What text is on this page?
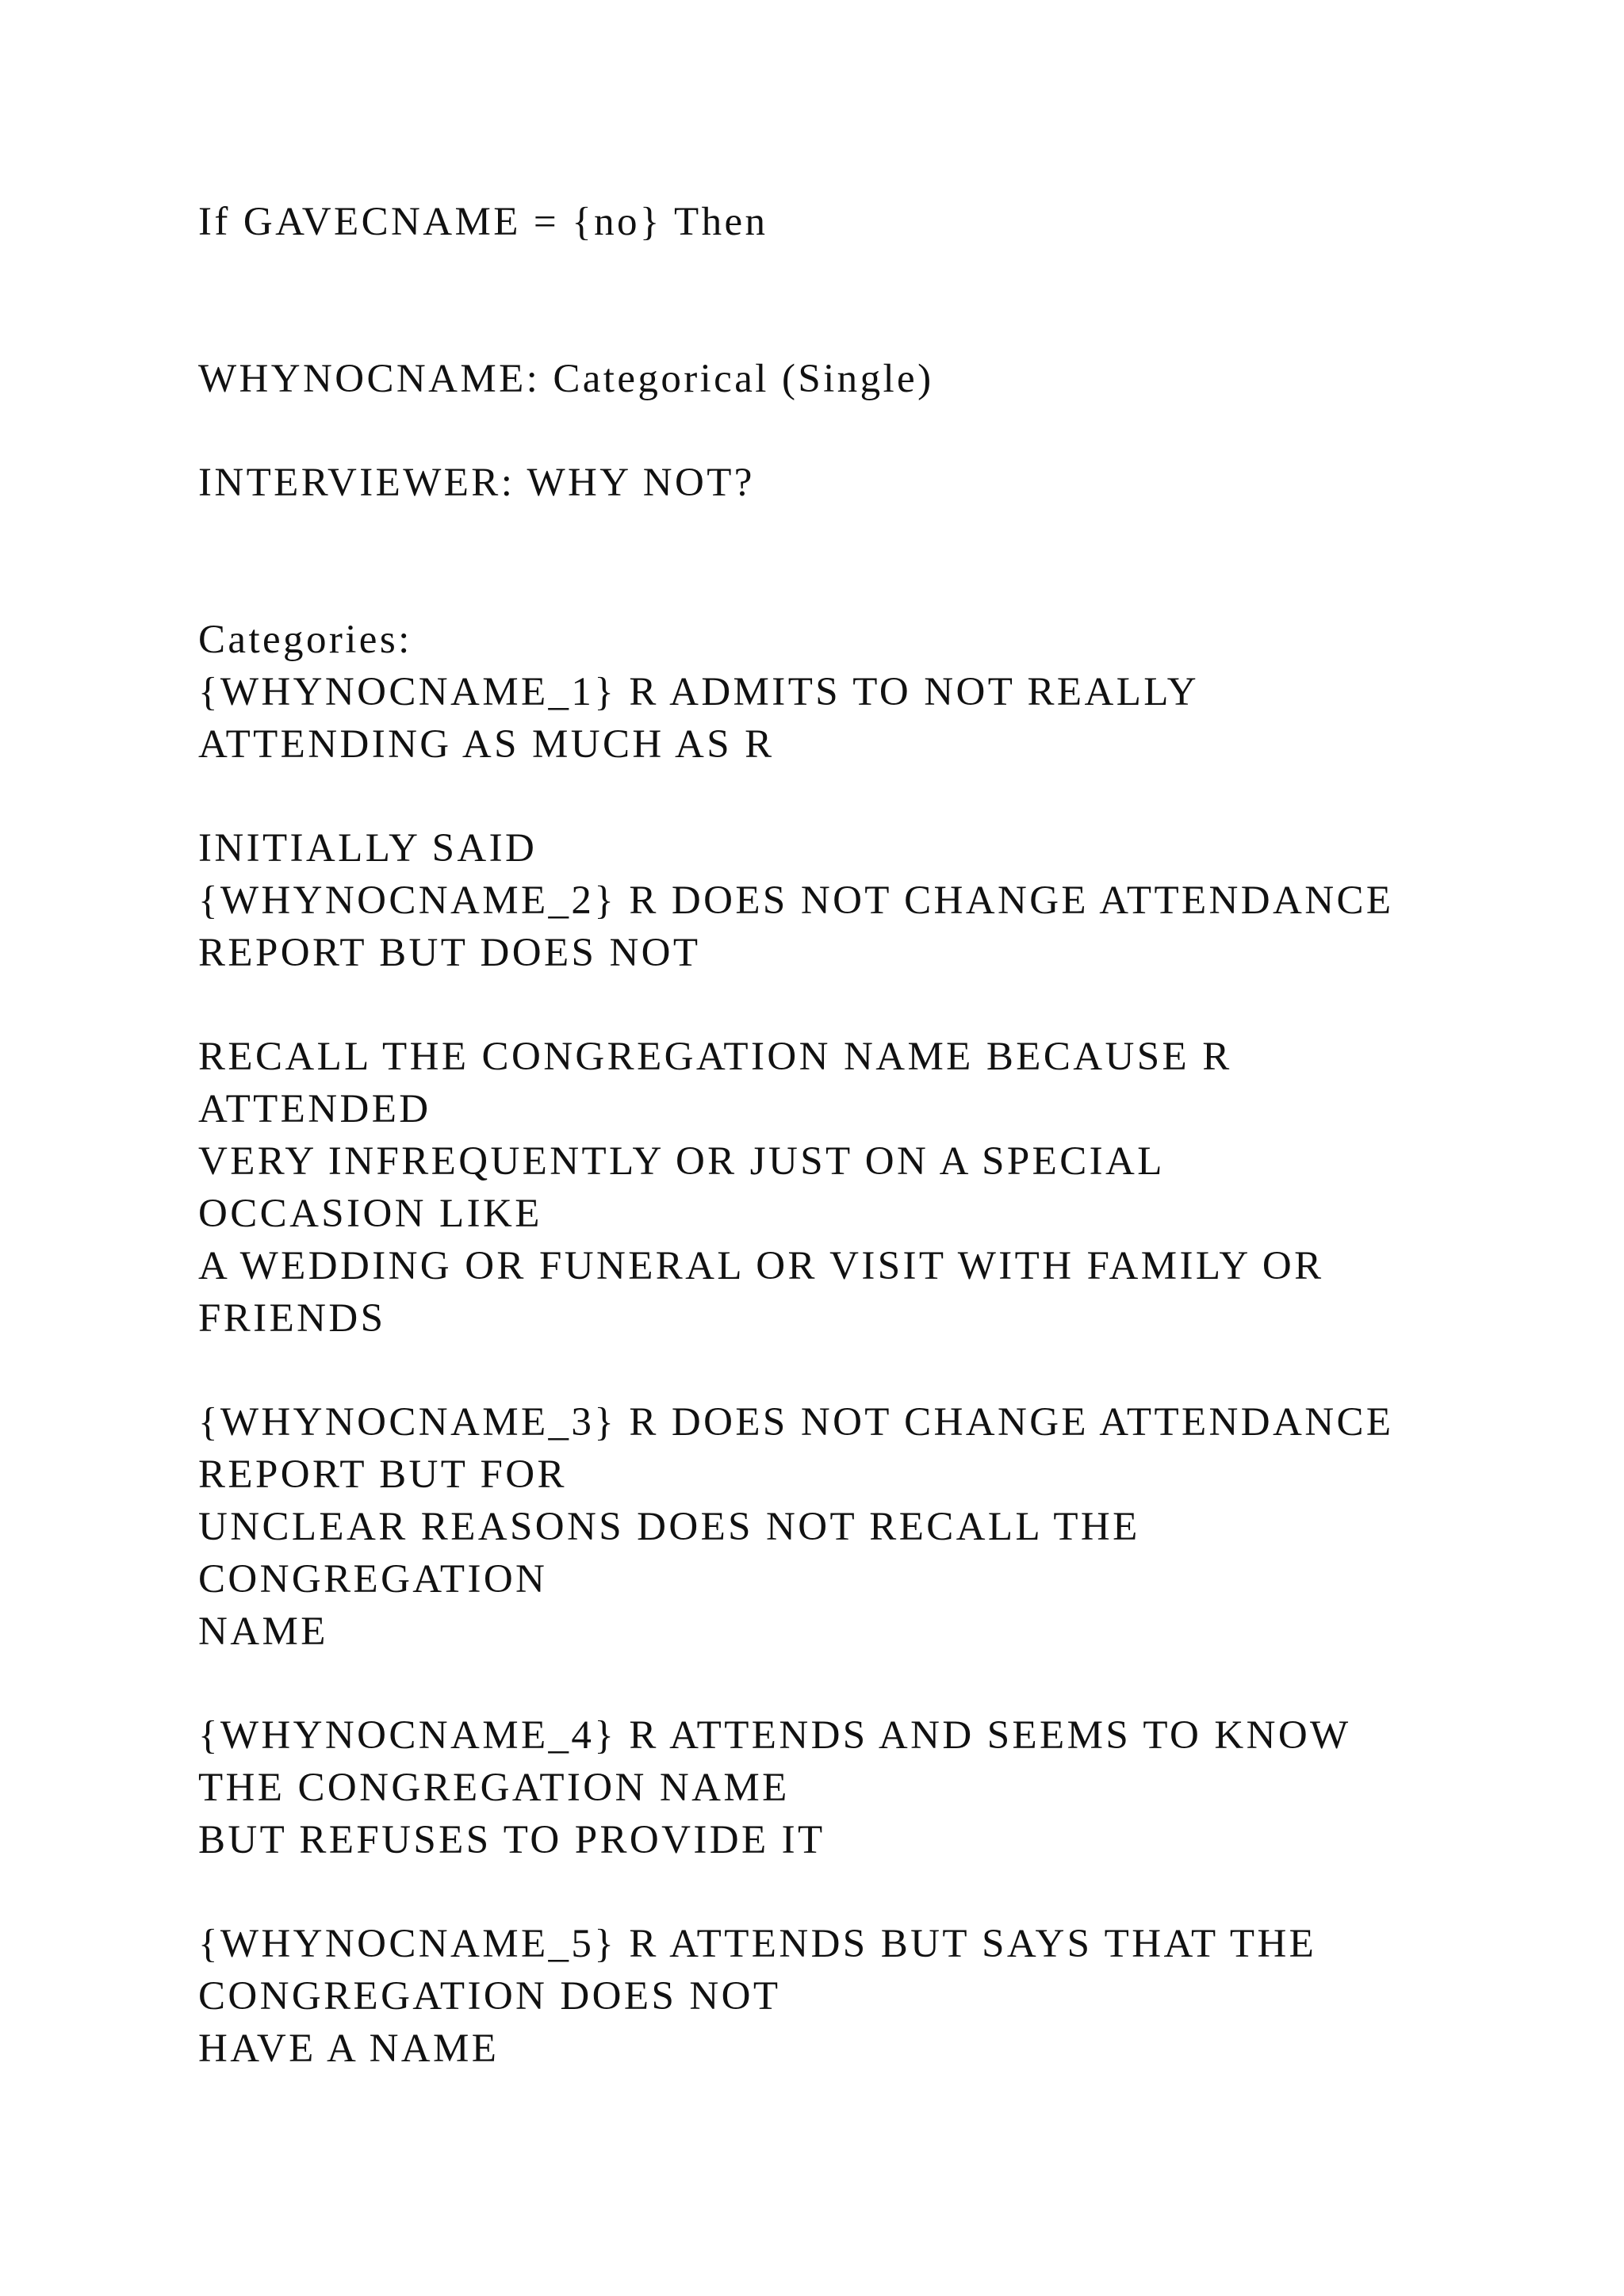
If GAVECNAME = {no} Then

WHYNOCNAME: Categorical (Single)

INTERVIEWER: WHY NOT?

Categories:

{WHYNOCNAME_1} R ADMITS TO NOT REALLY

ATTENDING AS MUCH AS R

INITIALLY SAID

{WHYNOCNAME_2} R DOES NOT CHANGE ATTENDANCE

REPORT BUT DOES NOT

RECALL THE CONGREGATION NAME BECAUSE R

ATTENDED

VERY INFREQUENTLY OR JUST ON A SPECIAL

OCCASION LIKE

A WEDDING OR FUNERAL OR VISIT WITH FAMILY OR

FRIENDS

{WHYNOCNAME_3} R DOES NOT CHANGE ATTENDANCE

REPORT BUT FOR

UNCLEAR REASONS DOES NOT RECALL THE

CONGREGATION

NAME

{WHYNOCNAME_4} R ATTENDS AND SEEMS TO KNOW

THE CONGREGATION NAME

BUT REFUSES TO PROVIDE IT

{WHYNOCNAME_5} R ATTENDS BUT SAYS THAT THE

CONGREGATION DOES NOT

HAVE A NAME
